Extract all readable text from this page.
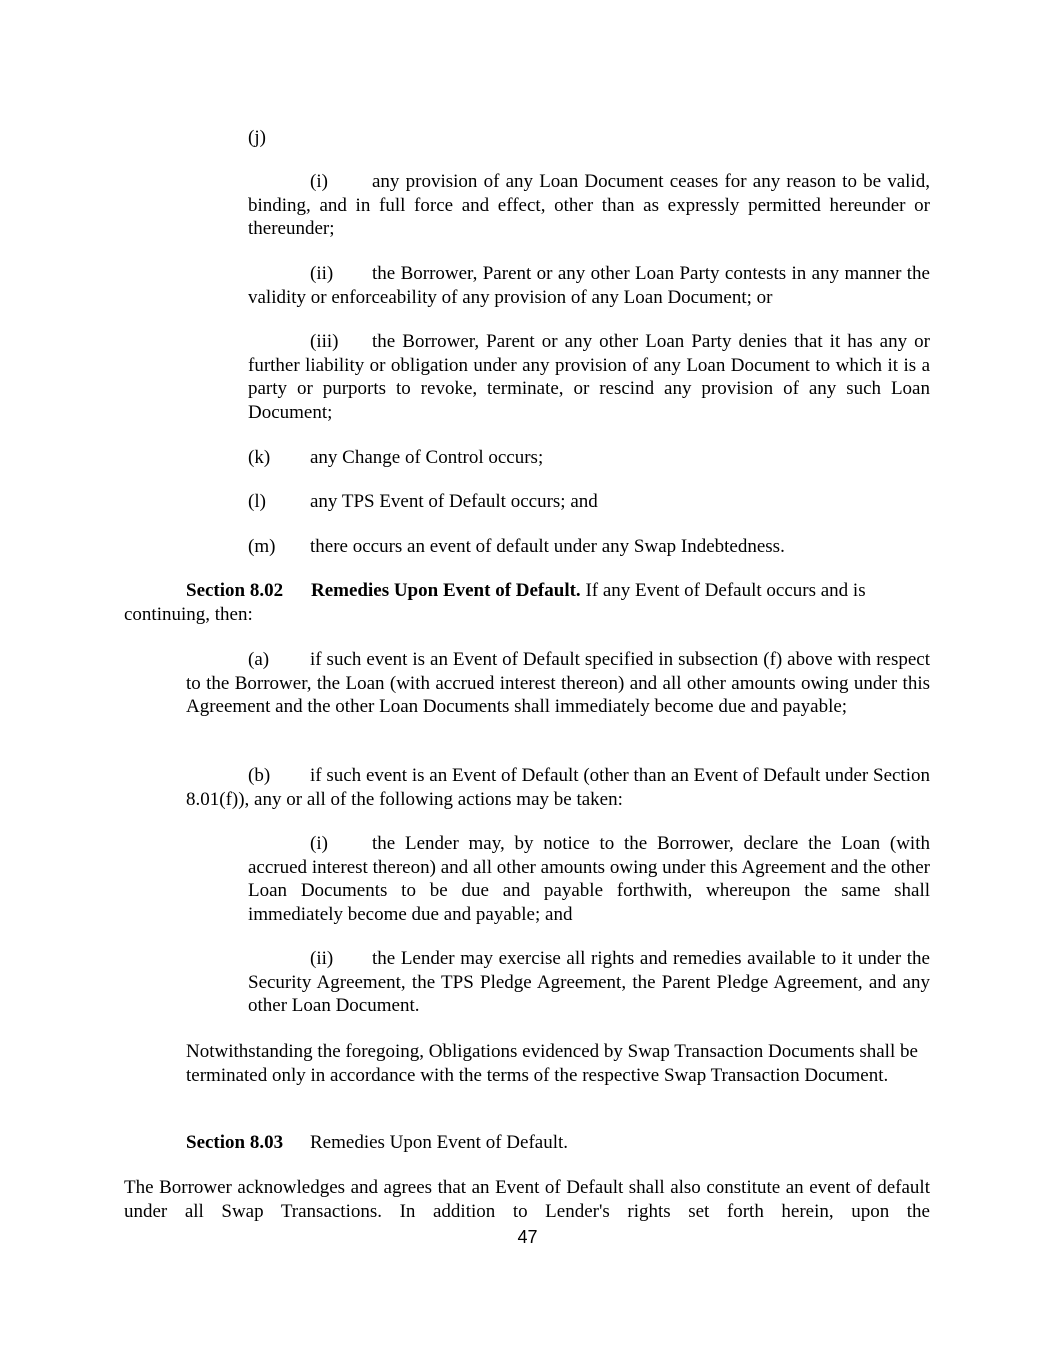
(j)

(i) any provision of any Loan Document ceases for any reason to be valid, binding, and in full force and effect, other than as expressly permitted hereunder or thereunder;

(ii) the Borrower, Parent or any other Loan Party contests in any manner the validity or enforceability of any provision of any Loan Document; or

(iii) the Borrower, Parent or any other Loan Party denies that it has any or further liability or obligation under any provision of any Loan Document to which it is a party or purports to revoke, terminate, or rescind any provision of any such Loan Document;

(k) any Change of Control occurs;

(l) any TPS Event of Default occurs; and

(m) there occurs an event of default under any Swap Indebtedness.

Section 8.02 Remedies Upon Event of Default. If any Event of Default occurs and is continuing, then:

(a) if such event is an Event of Default specified in subsection (f) above with respect to the Borrower, the Loan (with accrued interest thereon) and all other amounts owing under this Agreement and the other Loan Documents shall immediately become due and payable;

(b) if such event is an Event of Default (other than an Event of Default under Section 8.01(f)), any or all of the following actions may be taken:

(i) the Lender may, by notice to the Borrower, declare the Loan (with accrued interest thereon) and all other amounts owing under this Agreement and the other Loan Documents to be due and payable forthwith, whereupon the same shall immediately become due and payable; and

(ii) the Lender may exercise all rights and remedies available to it under the Security Agreement, the TPS Pledge Agreement, the Parent Pledge Agreement, and any other Loan Document.

Notwithstanding the foregoing, Obligations evidenced by Swap Transaction Documents shall be terminated only in accordance with the terms of the respective Swap Transaction Document.

Section 8.03 Remedies Upon Event of Default.

The Borrower acknowledges and agrees that an Event of Default shall also constitute an event of default under all Swap Transactions. In addition to Lender's rights set forth herein, upon the

47
